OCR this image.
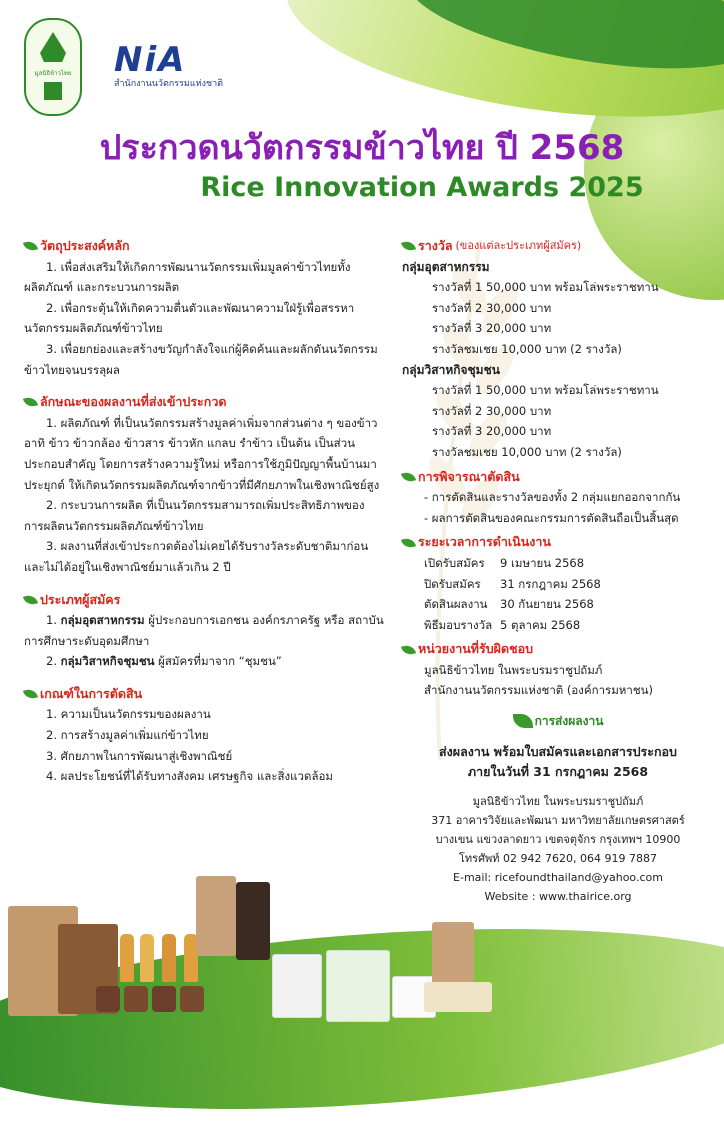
มูลนิธิข้าวไทย NiA
สำนักงานนวัตกรรมแห่งชาติ
ประกวดนวัตกรรมข้าวไทย ปี 2568
Rice Innovation Awards 2025
วัตถุประสงค์หลัก
1. เพื่อส่งเสริมให้เกิดการพัฒนานวัตกรรมเพิ่มมูลค่าข้าวไทยทั้งผลิตภัณฑ์ และกระบวนการผลิต
2. เพื่อกระตุ้นให้เกิดความตื่นตัวและพัฒนาความใฝ่รู้เพื่อสรรหานวัตกรรมผลิตภัณฑ์ข้าวไทย
3. เพื่อยกย่องและสร้างขวัญกำลังใจแก่ผู้คิดค้นและผลักดันนวัตกรรมข้าวไทยจนบรรลุผล
ลักษณะของผลงานที่ส่งเข้าประกวด
1. ผลิตภัณฑ์ ที่เป็นนวัตกรรมสร้างมูลค่าเพิ่มจากส่วนต่าง ๆ ของข้าว อาทิ ข้าว ข้าวกล้อง ข้าวสาร ข้าวหัก แกลบ รำข้าว เป็นต้น เป็นส่วนประกอบสำคัญ โดยการสร้างความรู้ใหม่ หรือการใช้ภูมิปัญญาพื้นบ้านมาประยุกต์ ให้เกิดนวัตกรรมผลิตภัณฑ์จากข้าวที่มีศักยภาพในเชิงพาณิชย์สูง
2. กระบวนการผลิต ที่เป็นนวัตกรรมสามารถเพิ่มประสิทธิภาพของการผลิตนวัตกรรมผลิตภัณฑ์ข้าวไทย
3. ผลงานที่ส่งเข้าประกวดต้องไม่เคยได้รับรางวัลระดับชาติมาก่อน และไม่ได้อยู่ในเชิงพาณิชย์มาแล้วเกิน 2 ปี
ประเภทผู้สมัคร
1. กลุ่มอุตสาหกรรม ผู้ประกอบการเอกชน องค์กรภาครัฐ หรือ สถาบันการศึกษาระดับอุดมศึกษา
2. กลุ่มวิสาหกิจชุมชน ผู้สมัครที่มาจาก “ชุมชน”
เกณฑ์ในการตัดสิน
1. ความเป็นนวัตกรรมของผลงาน
2. การสร้างมูลค่าเพิ่มแก่ข้าวไทย
3. ศักยภาพในการพัฒนาสู่เชิงพาณิชย์
4. ผลประโยชน์ที่ได้รับทางสังคม เศรษฐกิจ และสิ่งแวดล้อม
รางวัล (ของแต่ละประเภทผู้สมัคร)
กลุ่มอุตสาหกรรม
รางวัลที่ 1 50,000 บาท พร้อมโล่พระราชทาน
รางวัลที่ 2 30,000 บาท
รางวัลที่ 3 20,000 บาท
รางวัลชมเชย 10,000 บาท (2 รางวัล)
กลุ่มวิสาหกิจชุมชน
รางวัลที่ 1 50,000 บาท พร้อมโล่พระราชทาน
รางวัลที่ 2 30,000 บาท
รางวัลที่ 3 20,000 บาท
รางวัลชมเชย 10,000 บาท (2 รางวัล)
การพิจารณาตัดสิน
- การตัดสินและรางวัลของทั้ง 2 กลุ่มแยกออกจากกัน
- ผลการตัดสินของคณะกรรมการตัดสินถือเป็นสิ้นสุด
ระยะเวลาการดำเนินงาน
เปิดรับสมัคร	9 เมษายน 2568
ปิดรับสมัคร	31 กรกฎาคม 2568
ตัดสินผลงาน	30 กันยายน 2568
พิธีมอบรางวัล 5 ตุลาคม 2568
หน่วยงานที่รับผิดชอบ
มูลนิธิข้าวไทย ในพระบรมราชูปถัมภ์
สำนักงานนวัตกรรมแห่งชาติ (องค์การมหาชน)
การส่งผลงาน
ส่งผลงาน พร้อมใบสมัครและเอกสารประกอบ
ภายในวันที่ 31 กรกฎาคม 2568
มูลนิธิข้าวไทย ในพระบรมราชูปถัมภ์
371 อาคารวิจัยและพัฒนา มหาวิทยาลัยเกษตรศาสตร์
บางเขน แขวงลาดยาว เขตจตุจักร กรุงเทพฯ 10900
โทรศัพท์ 02 942 7620, 064 919 7887
E-mail: ricefoundthailand@yahoo.com
Website : www.thairice.org
